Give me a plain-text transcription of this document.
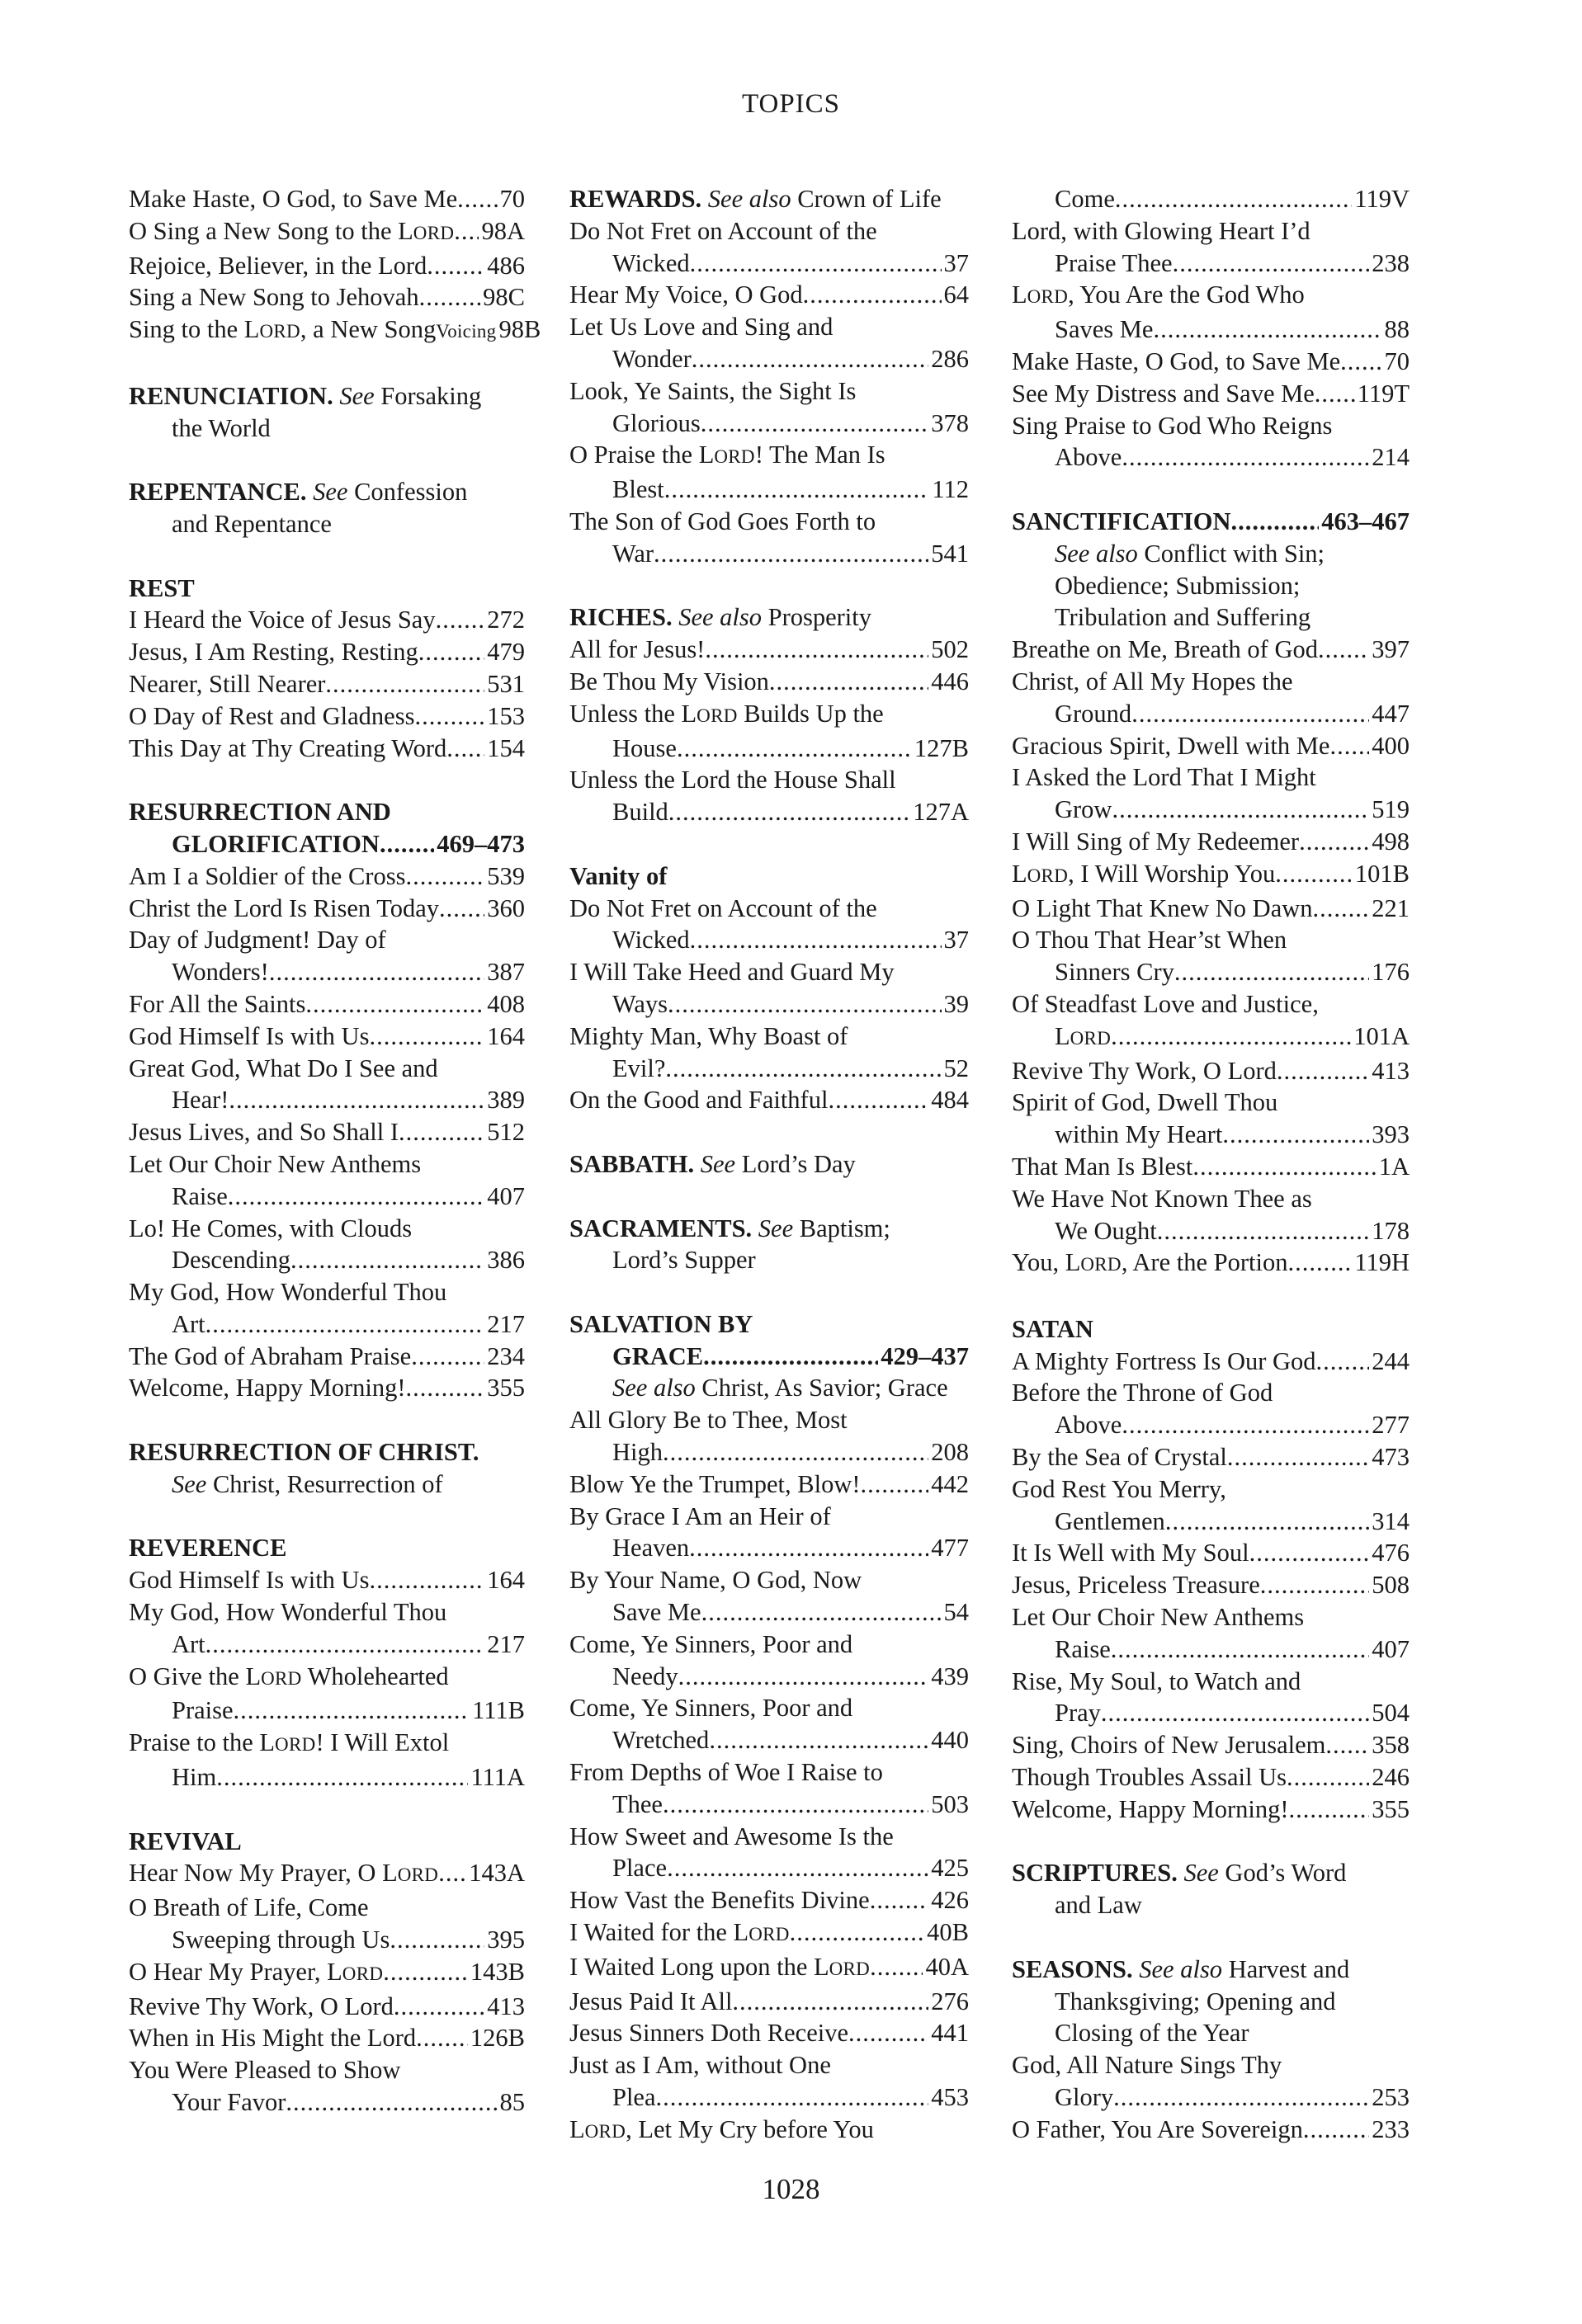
TOPICS
Make Haste, O God, to Save Me ..... 70
O Sing a New Song to the LORD ..... 98A
Rejoice, Believer, in the Lord ..... 486
Sing a New Song to Jehovah .....	98C
Sing to the LORD, a New SongVoicing 98B
RENUNCIATION. See Forsaking
the World
REPENTANCE. See Confession
and Repentance
REST
I Heard the Voice of Jesus Say ..... 272
Jesus, I Am Resting, Resting .....	479
Nearer, Still Nearer .....	531
O Day of Rest and Gladness .....	153
This Day at Thy Creating Word ..... 154
RESURRECTION AND
GLORIFICATION ..... 469–473
Am I a Soldier of the Cross .....	539
Christ the Lord Is Risen Today ..... 360
Day of Judgment! Day of
Wonders! .....	387
For All the Saints .....	408
God Himself Is with Us .....	164
Great God, What Do I See and
Hear! .....	389
Jesus Lives, and So Shall I .....	512
Let Our Choir New Anthems
Raise .....	407
Lo! He Comes, with Clouds
Descending .....	386
My God, How Wonderful Thou
Art .....	217
The God of Abraham Praise .....	234
Welcome, Happy Morning! .....	355
RESURRECTION OF CHRIST.
See Christ, Resurrection of
REVERENCE
God Himself Is with Us .....	164
My God, How Wonderful Thou
Art .....	217
O Give the LORD Wholehearted
Praise .....	111B
Praise to the LORD! I Will Extol
Him .....	111A
REVIVAL
Hear Now My Prayer, O LORD ..... 143A
O Breath of Life, Come
Sweeping through Us .....	395
O Hear My Prayer, LORD .....	143B
Revive Thy Work, O Lord .....	413
When in His Might the Lord ..... 126B
You Were Pleased to Show
Your Favor .....	85
REWARDS. See also Crown of Life
Do Not Fret on Account of the
Wicked .....	37
Hear My Voice, O God .....	64
Let Us Love and Sing and
Wonder .....	286
Look, Ye Saints, the Sight Is
Glorious .....	378
O Praise the LORD! The Man Is
Blest .....	112
The Son of God Goes Forth to
War .....	541
RICHES. See also Prosperity
All for Jesus! .....	502
Be Thou My Vision .....	446
Unless the LORD Builds Up the
House .....	127B
Unless the Lord the House Shall
Build .....	127A
Vanity of
Do Not Fret on Account of the
Wicked .....	37
I Will Take Heed and Guard My
Ways .....	39
Mighty Man, Why Boast of
Evil? .....	52
On the Good and Faithful .....	484
SABBATH. See Lord’s Day
SACRAMENTS. See Baptism;
Lord’s Supper
SALVATION BY
GRACE .....	429–437
See also Christ, As Savior; Grace
All Glory Be to Thee, Most
High .....	208
Blow Ye the Trumpet, Blow! .....	442
By Grace I Am an Heir of
Heaven .....	477
By Your Name, O God, Now
Save Me .....	54
Come, Ye Sinners, Poor and
Needy .....	439
Come, Ye Sinners, Poor and
Wretched .....	440
From Depths of Woe I Raise to
Thee .....	503
How Sweet and Awesome Is the
Place .....	425
How Vast the Benefits Divine ..... 426
I Waited for the LORD .....	40B
I Waited Long upon the LORD ..... 40A
Jesus Paid It All .....	276
Jesus Sinners Doth Receive .....	441
Just as I Am, without One
Plea .....	453
LORD, Let My Cry before You
Come .....	119V
Lord, with Glowing Heart I’d
Praise Thee .....	238
LORD, You Are the God Who
Saves Me .....	88
Make Haste, O God, to Save Me ..... 70
See My Distress and Save Me ..... 119T
Sing Praise to God Who Reigns
Above .....	214
SANCTIFICATION .....	463–467
See also Conflict with Sin;
Obedience; Submission;
Tribulation and Suffering
Breathe on Me, Breath of God ..... 397
Christ, of All My Hopes the
Ground .....	447
Gracious Spirit, Dwell with Me ..... 400
I Asked the Lord That I Might
Grow .....	519
I Will Sing of My Redeemer .....	498
LORD, I Will Worship You .....	101B
O Light That Knew No Dawn ..... 221
O Thou That Hear’st When
Sinners Cry .....	176
Of Steadfast Love and Justice,
LORD .....	101A
Revive Thy Work, O Lord .....	413
Spirit of God, Dwell Thou
within My Heart .....	393
That Man Is Blest .....	1A
We Have Not Known Thee as
We Ought .....	178
You, LORD, Are the Portion .....	119H
SATAN
A Mighty Fortress Is Our God ..... 244
Before the Throne of God
Above .....	277
By the Sea of Crystal .....	473
God Rest You Merry,
Gentlemen .....	314
It Is Well with My Soul .....	476
Jesus, Priceless Treasure .....	508
Let Our Choir New Anthems
Raise .....	407
Rise, My Soul, to Watch and
Pray .....	504
Sing, Choirs of New Jerusalem ..... 358
Though Troubles Assail Us .....	246
Welcome, Happy Morning! .....	355
SCRIPTURES. See God’s Word
and Law
SEASONS. See also Harvest and
Thanksgiving; Opening and
Closing of the Year
God, All Nature Sings Thy
Glory .....	253
O Father, You Are Sovereign .....	233
1028
